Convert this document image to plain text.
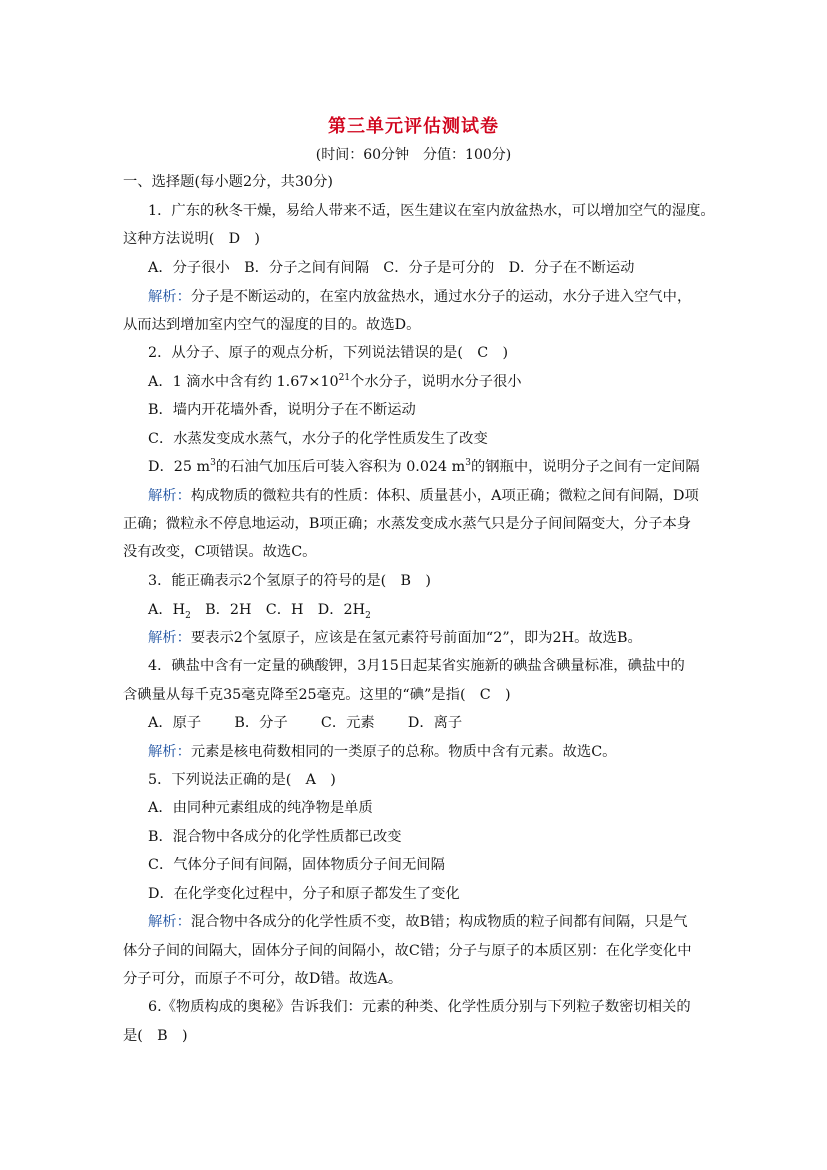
第三单元评估测试卷
(时间：60分钟　分值：100分)
一、选择题(每小题2分，共30分)
1．广东的秋冬干燥，易给人带来不适，医生建议在室内放盆热水，可以增加空气的湿度。
这种方法说明(　D　)
A．分子很小　B．分子之间有间隔　C．分子是可分的　D．分子在不断运动
解析：分子是不断运动的，在室内放盆热水，通过水分子的运动，水分子进入空气中，
从而达到增加室内空气的湿度的目的。故选D。
2．从分子、原子的观点分析，下列说法错误的是(　C　)
A．1 滴水中含有约 $1.67\times 10^{21}$个水分子，说明水分子很小
B．墙内开花墙外香，说明分子在不断运动
C．水蒸发变成水蒸气，水分子的化学性质发生了改变
D．25 $m^3$的石油气加压后可装入容积为 0.024 $m^3$的钢瓶中，说明分子之间有一定间隔
解析：构成物质的微粒共有的性质：体积、质量甚小，A项正确；微粒之间有间隔，D项
正确；微粒永不停息地运动，B项正确；水蒸发变成水蒸气只是分子间间隔变大，分子本身
没有改变，C项错误。故选C。
3．能正确表示2个氢原子的符号的是(　B　)
A．$H_2$　B．2H　C．H　D．$2H_2$
解析：要表示2个氢原子，应该是在氢元素符号前面加“2”，即为2H。故选B。
4．碘盐中含有一定量的碘酸钾，3月15日起某省实施新的碘盐含碘量标准，碘盐中的
含碘量从每千克35毫克降至25毫克。这里的“碘”是指(　C　)
A．原子　　 B．分子　　 C．元素　　 D．离子
解析：元素是核电荷数相同的一类原子的总称。物质中含有元素。故选C。
5．下列说法正确的是(　A　)
A．由同种元素组成的纯净物是单质
B．混合物中各成分的化学性质都已改变
C．气体分子间有间隔，固体物质分子间无间隔
D．在化学变化过程中，分子和原子都发生了变化
解析：混合物中各成分的化学性质不变，故B错；构成物质的粒子间都有间隔，只是气
体分子间的间隔大，固体分子间的间隔小，故C错；分子与原子的本质区别：在化学变化中
分子可分，而原子不可分，故D错。故选A。
6.《物质构成的奥秘》告诉我们：元素的种类、化学性质分别与下列粒子数密切相关的
是(　B　)
